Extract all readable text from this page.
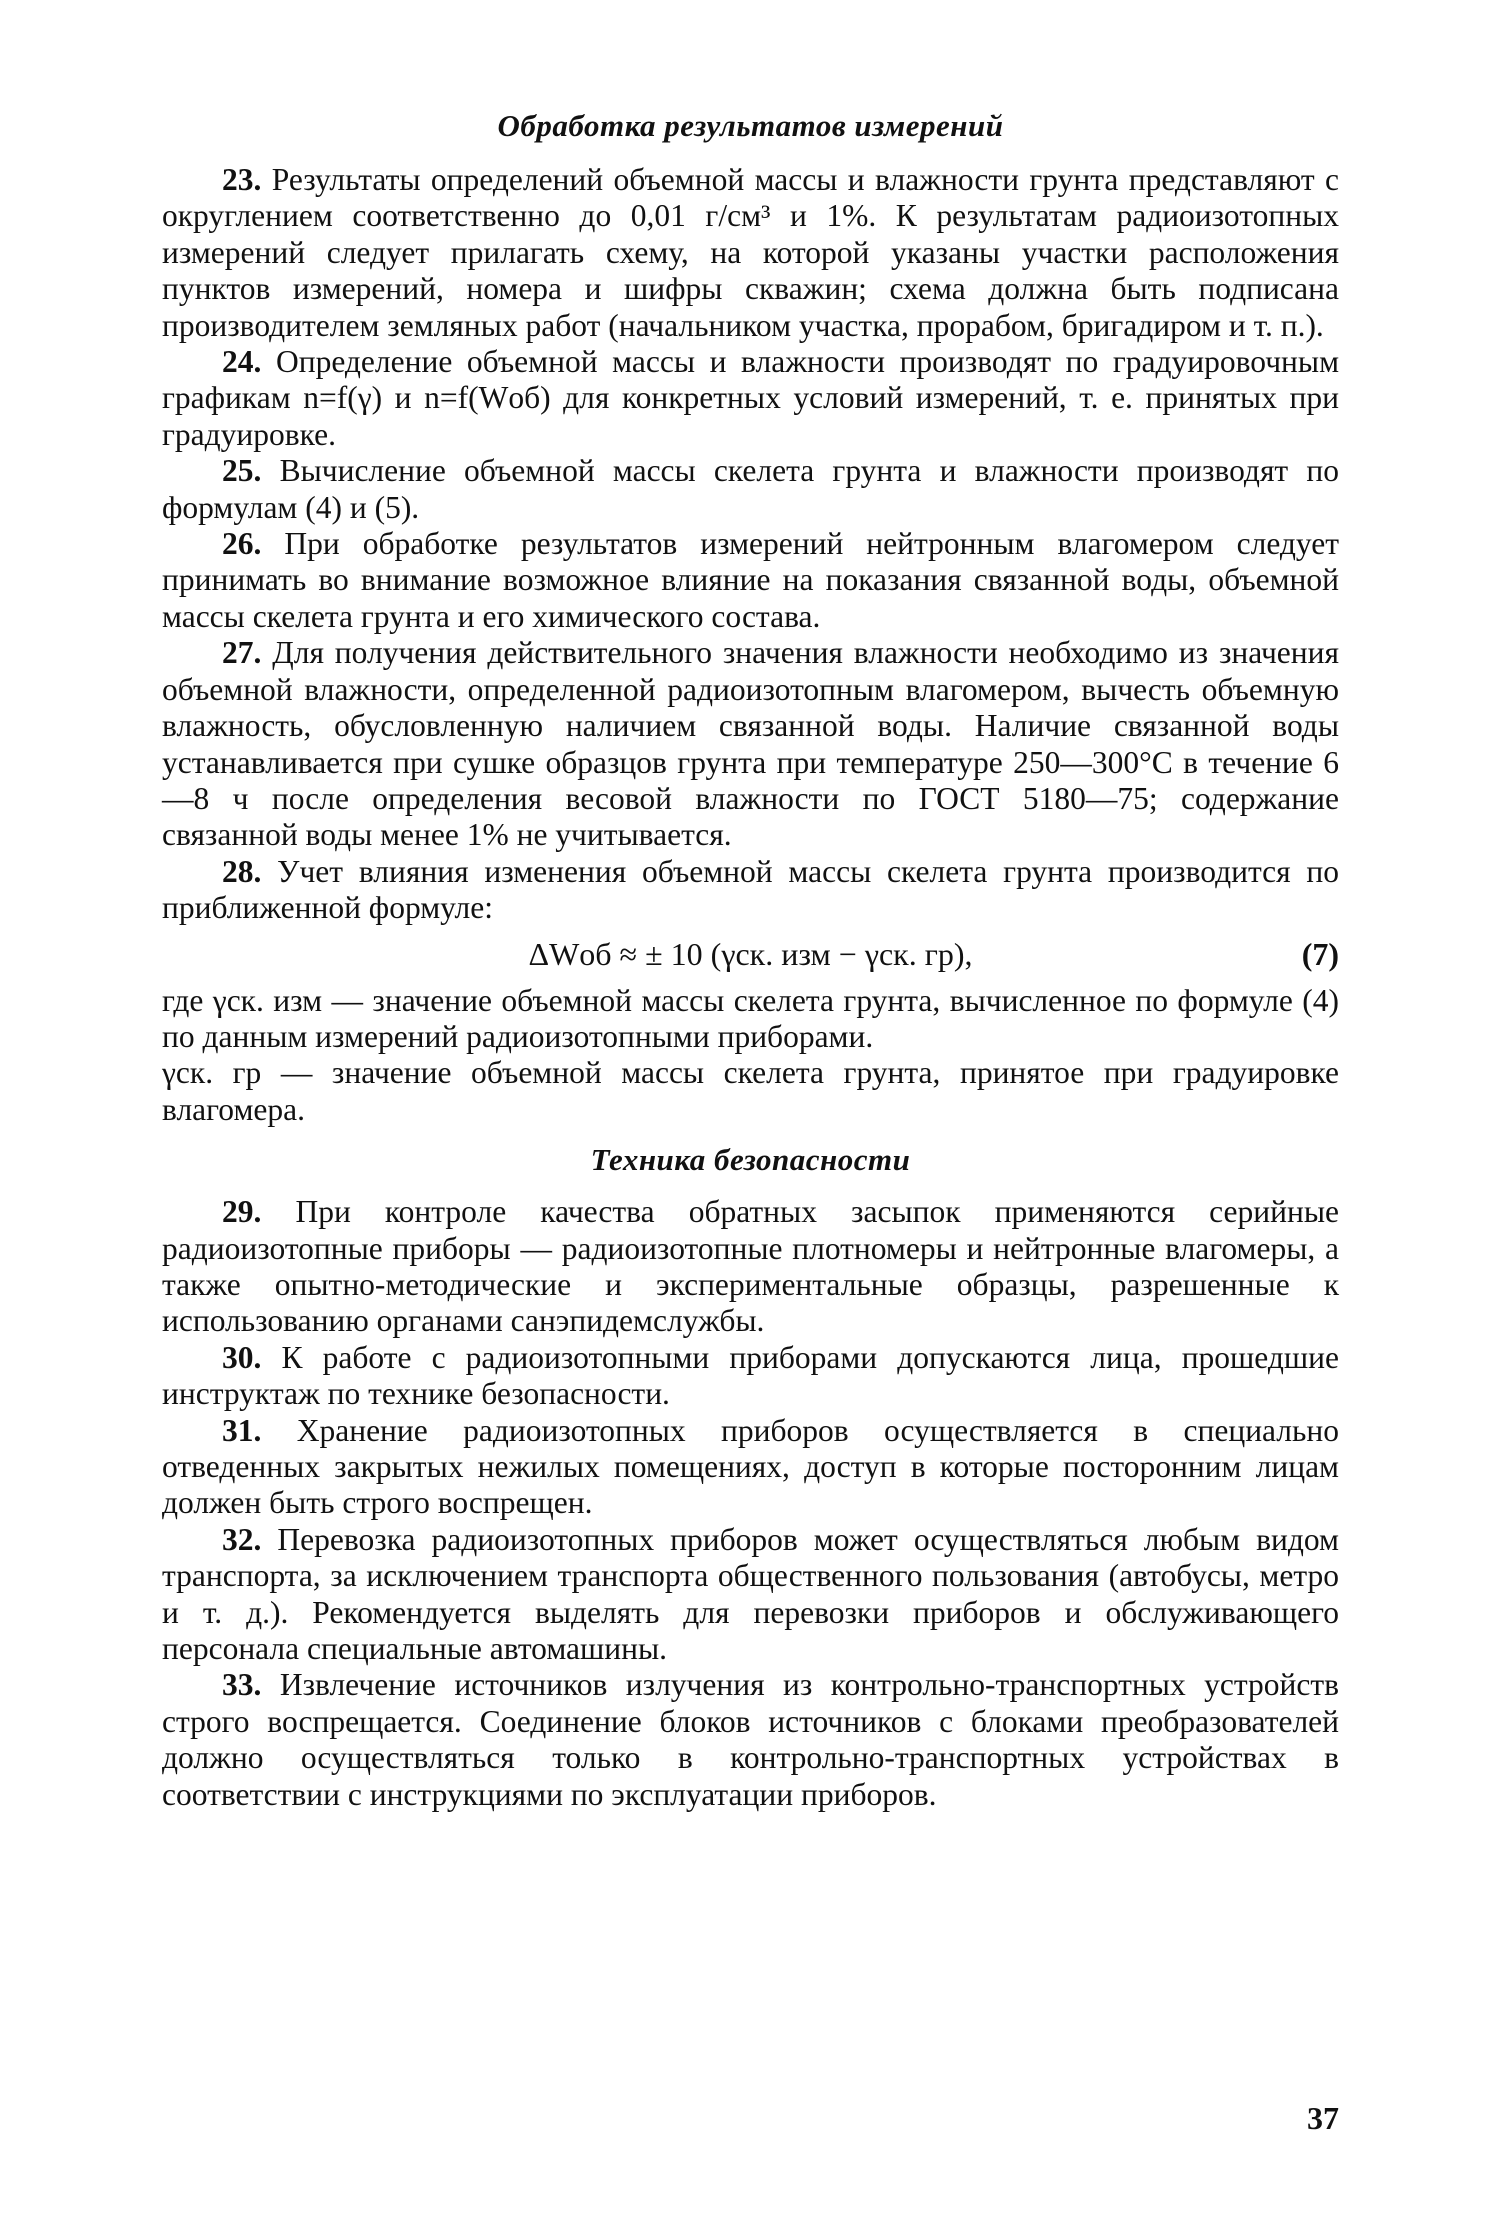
Обработка результатов измерений

23. Результаты определений объемной массы и влажности грунта представляют с округлением соответственно до 0,01 г/см³ и 1%. К результатам радиоизотопных измерений следует прилагать схему, на которой указаны участки расположения пунктов измерений, номера и шифры скважин; схема должна быть подписана производителем земляных работ (начальником участка, прорабом, бригадиром и т. п.).

24. Определение объемной массы и влажности производят по градуировочным графикам n=f(γ) и n=f(Wоб) для конкретных условий измерений, т. е. принятых при градуировке.

25. Вычисление объемной массы скелета грунта и влажности производят по формулам (4) и (5).

26. При обработке результатов измерений нейтронным влагомером следует принимать во внимание возможное влияние на показания связанной воды, объемной массы скелета грунта и его химического состава.

27. Для получения действительного значения влажности необходимо из значения объемной влажности, определенной радиоизотопным влагомером, вычесть объемную влажность, обусловленную наличием связанной воды. Наличие связанной воды устанавливается при сушке образцов грунта при температуре 250—300°С в течение 6—8 ч после определения весовой влажности по ГОСТ 5180—75; содержание связанной воды менее 1% не учитывается.

28. Учет влияния изменения объемной массы скелета грунта производится по приближенной формуле:

ΔWоб ≈ ± 10 (γск. изм − γск. гр),	(7)

где γск. изм — значение объемной массы скелета грунта, вычисленное по формуле (4) по данным измерений радиоизотопными приборами.

γск. гр — значение объемной массы скелета грунта, принятое при градуировке влагомера.

Техника безопасности

29. При контроле качества обратных засыпок применяются серийные радиоизотопные приборы — радиоизотопные плотномеры и нейтронные влагомеры, а также опытно-методические и экспериментальные образцы, разрешенные к использованию органами санэпидемслужбы.

30. К работе с радиоизотопными приборами допускаются лица, прошедшие инструктаж по технике безопасности.

31. Хранение радиоизотопных приборов осуществляется в специально отведенных закрытых нежилых помещениях, доступ в которые посторонним лицам должен быть строго воспрещен.

32. Перевозка радиоизотопных приборов может осуществляться любым видом транспорта, за исключением транспорта общественного пользования (автобусы, метро и т. д.). Рекомендуется выделять для перевозки приборов и обслуживающего персонала специальные автомашины.

33. Извлечение источников излучения из контрольно-транспортных устройств строго воспрещается. Соединение блоков источников с блоками преобразователей должно осуществляться только в контрольно-транспортных устройствах в соответствии с инструкциями по эксплуатации приборов.

37
